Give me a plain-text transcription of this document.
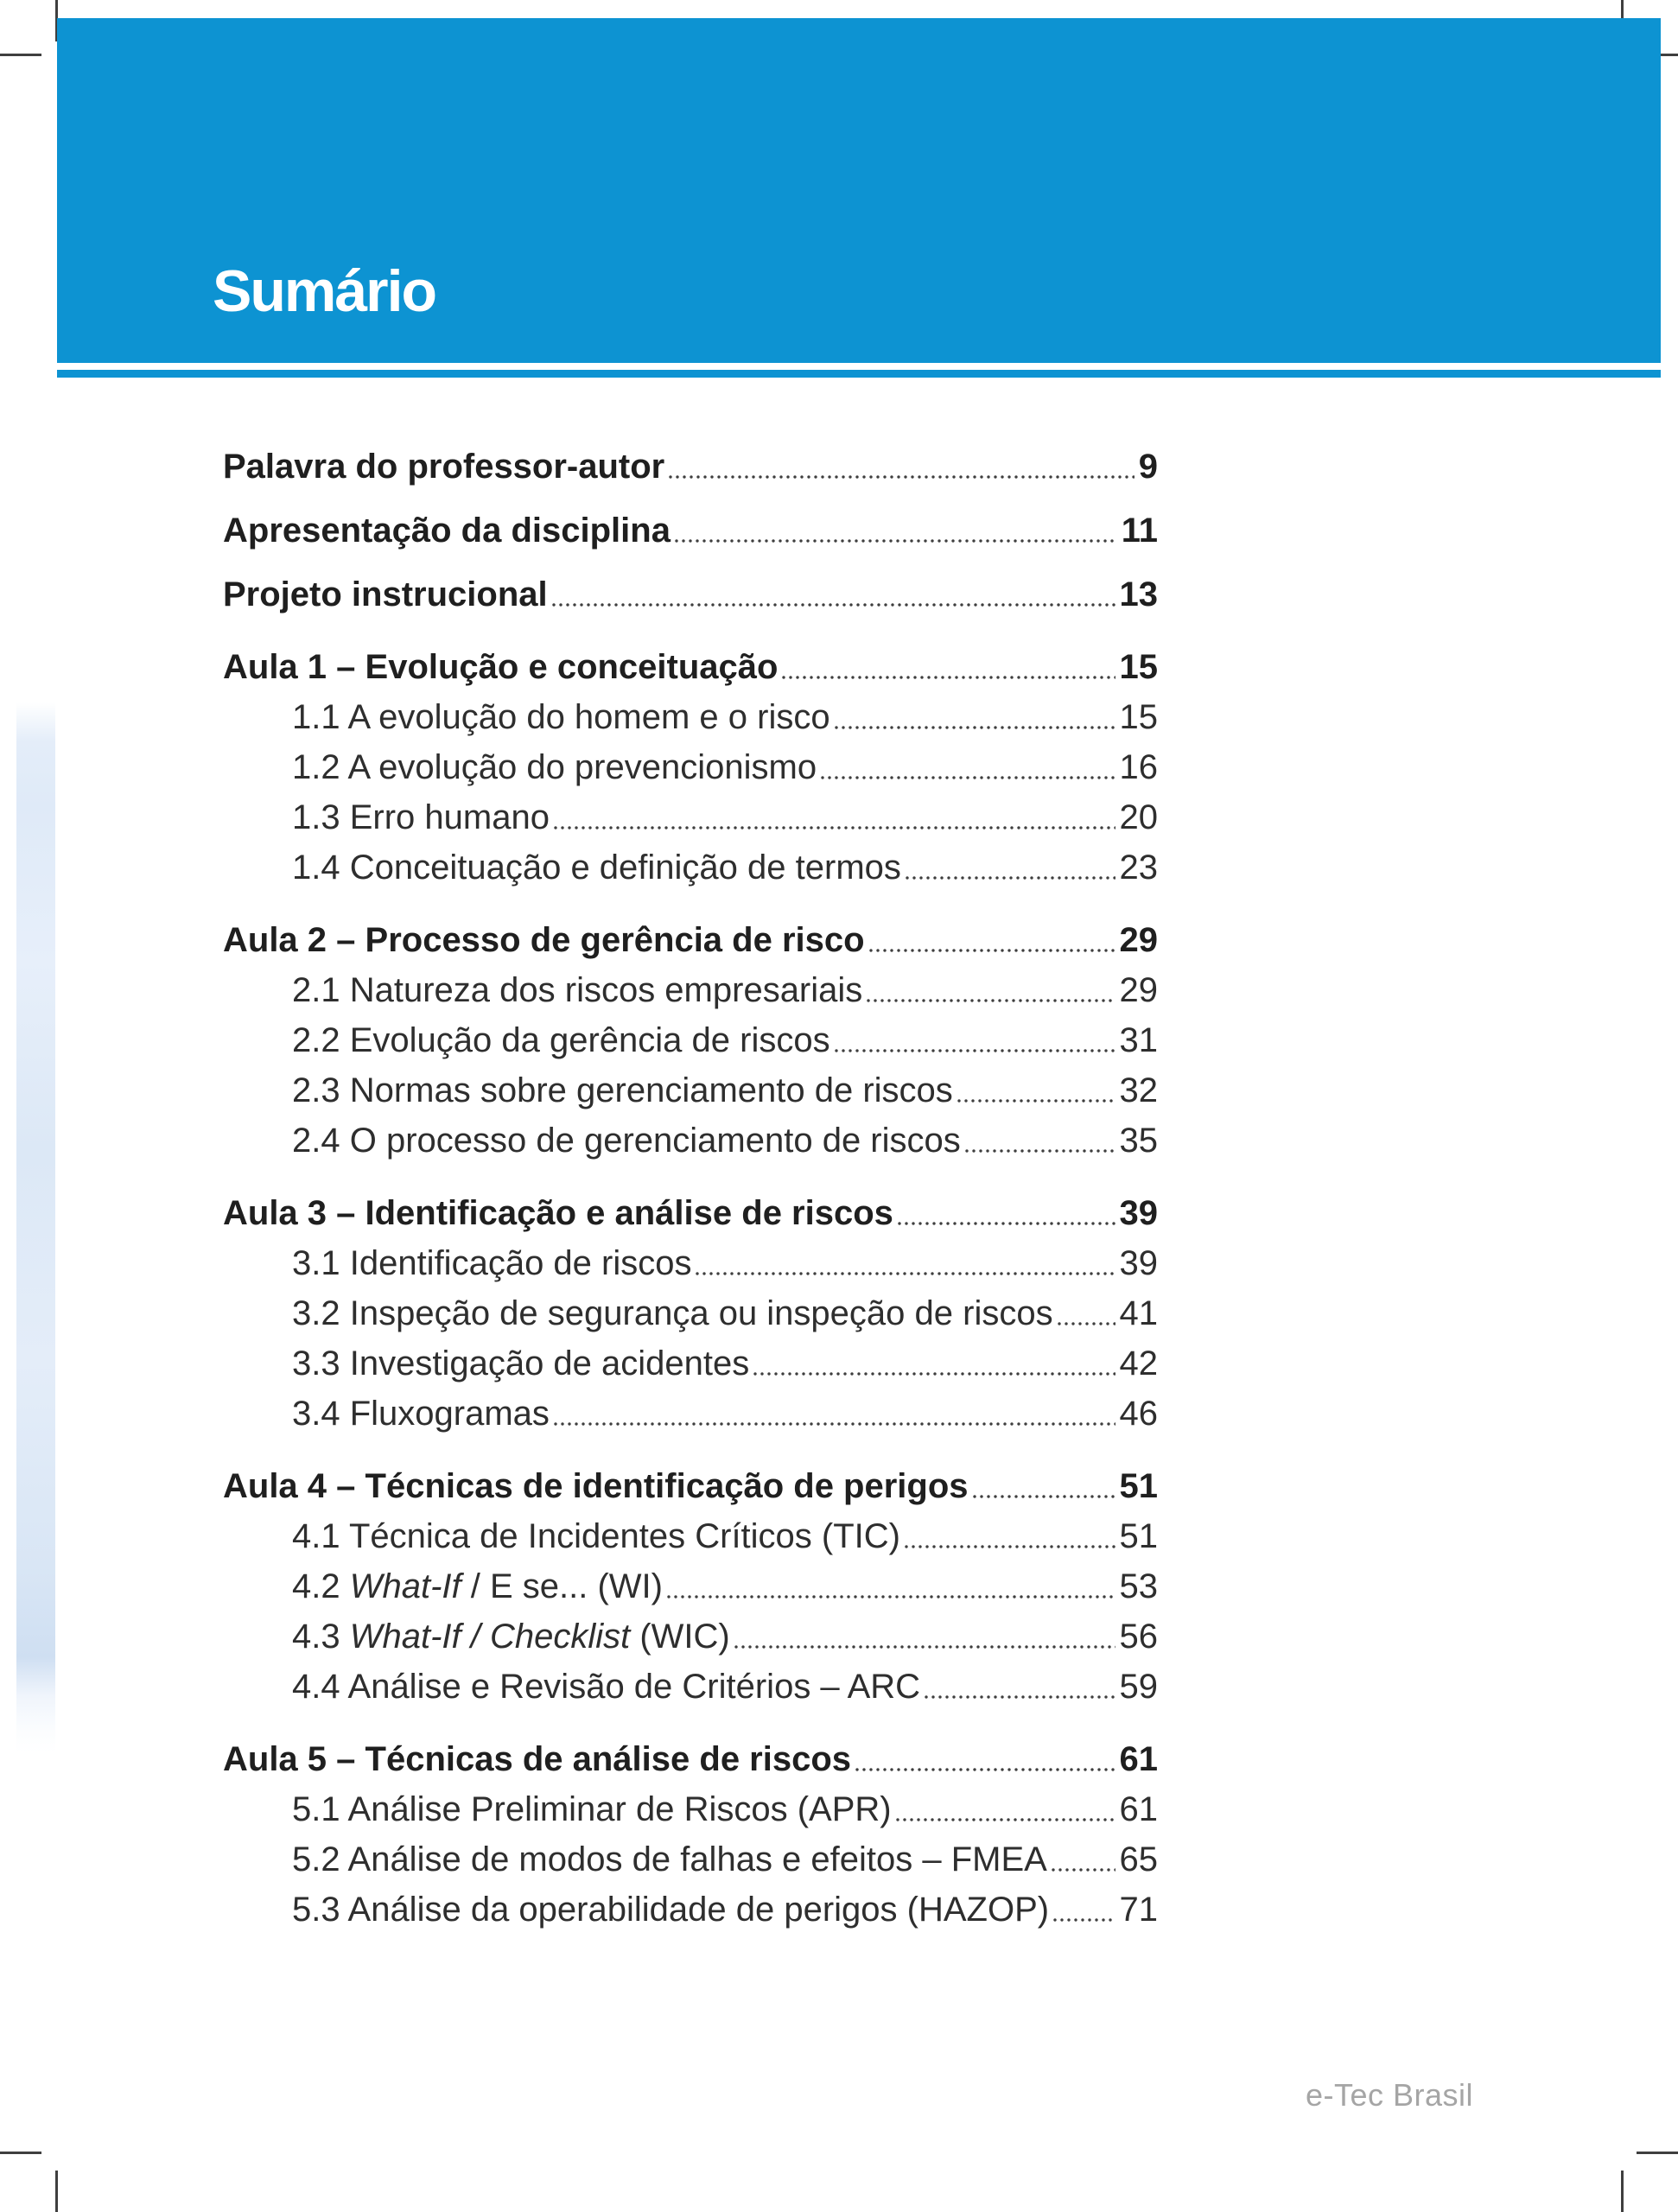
Sumário
Palavra do professor-autor	9
Apresentação da disciplina	11
Projeto instrucional	13
Aula 1 – Evolução e conceituação	15
1.1 A evolução do homem e o risco	15
1.2 A evolução do prevencionismo	16
1.3 Erro humano	20
1.4 Conceituação e definição de termos	23
Aula 2 – Processo de gerência de risco	29
2.1 Natureza dos riscos empresariais	29
2.2 Evolução da gerência de riscos	31
2.3 Normas sobre gerenciamento de riscos	32
2.4 O processo de gerenciamento de riscos	35
Aula 3 – Identificação e análise de riscos	39
3.1 Identificação de riscos	39
3.2 Inspeção de segurança ou inspeção de riscos 41
3.3 Investigação de acidentes	42
3.4 Fluxogramas	46
Aula 4 – Técnicas de identificação de perigos	51
4.1 Técnica de Incidentes Críticos (TIC)	51
4.2 What-If / E se... (WI)	53
4.3 What-If / Checklist (WIC)	56
4.4 Análise e Revisão de Critérios – ARC	59
Aula 5 – Técnicas de análise de riscos	61
5.1 Análise Preliminar de Riscos (APR)	61
5.2 Análise de modos de falhas e efeitos – FMEA 65
5.3 Análise da operabilidade de perigos (HAZOP) 71
e-Tec Brasil
